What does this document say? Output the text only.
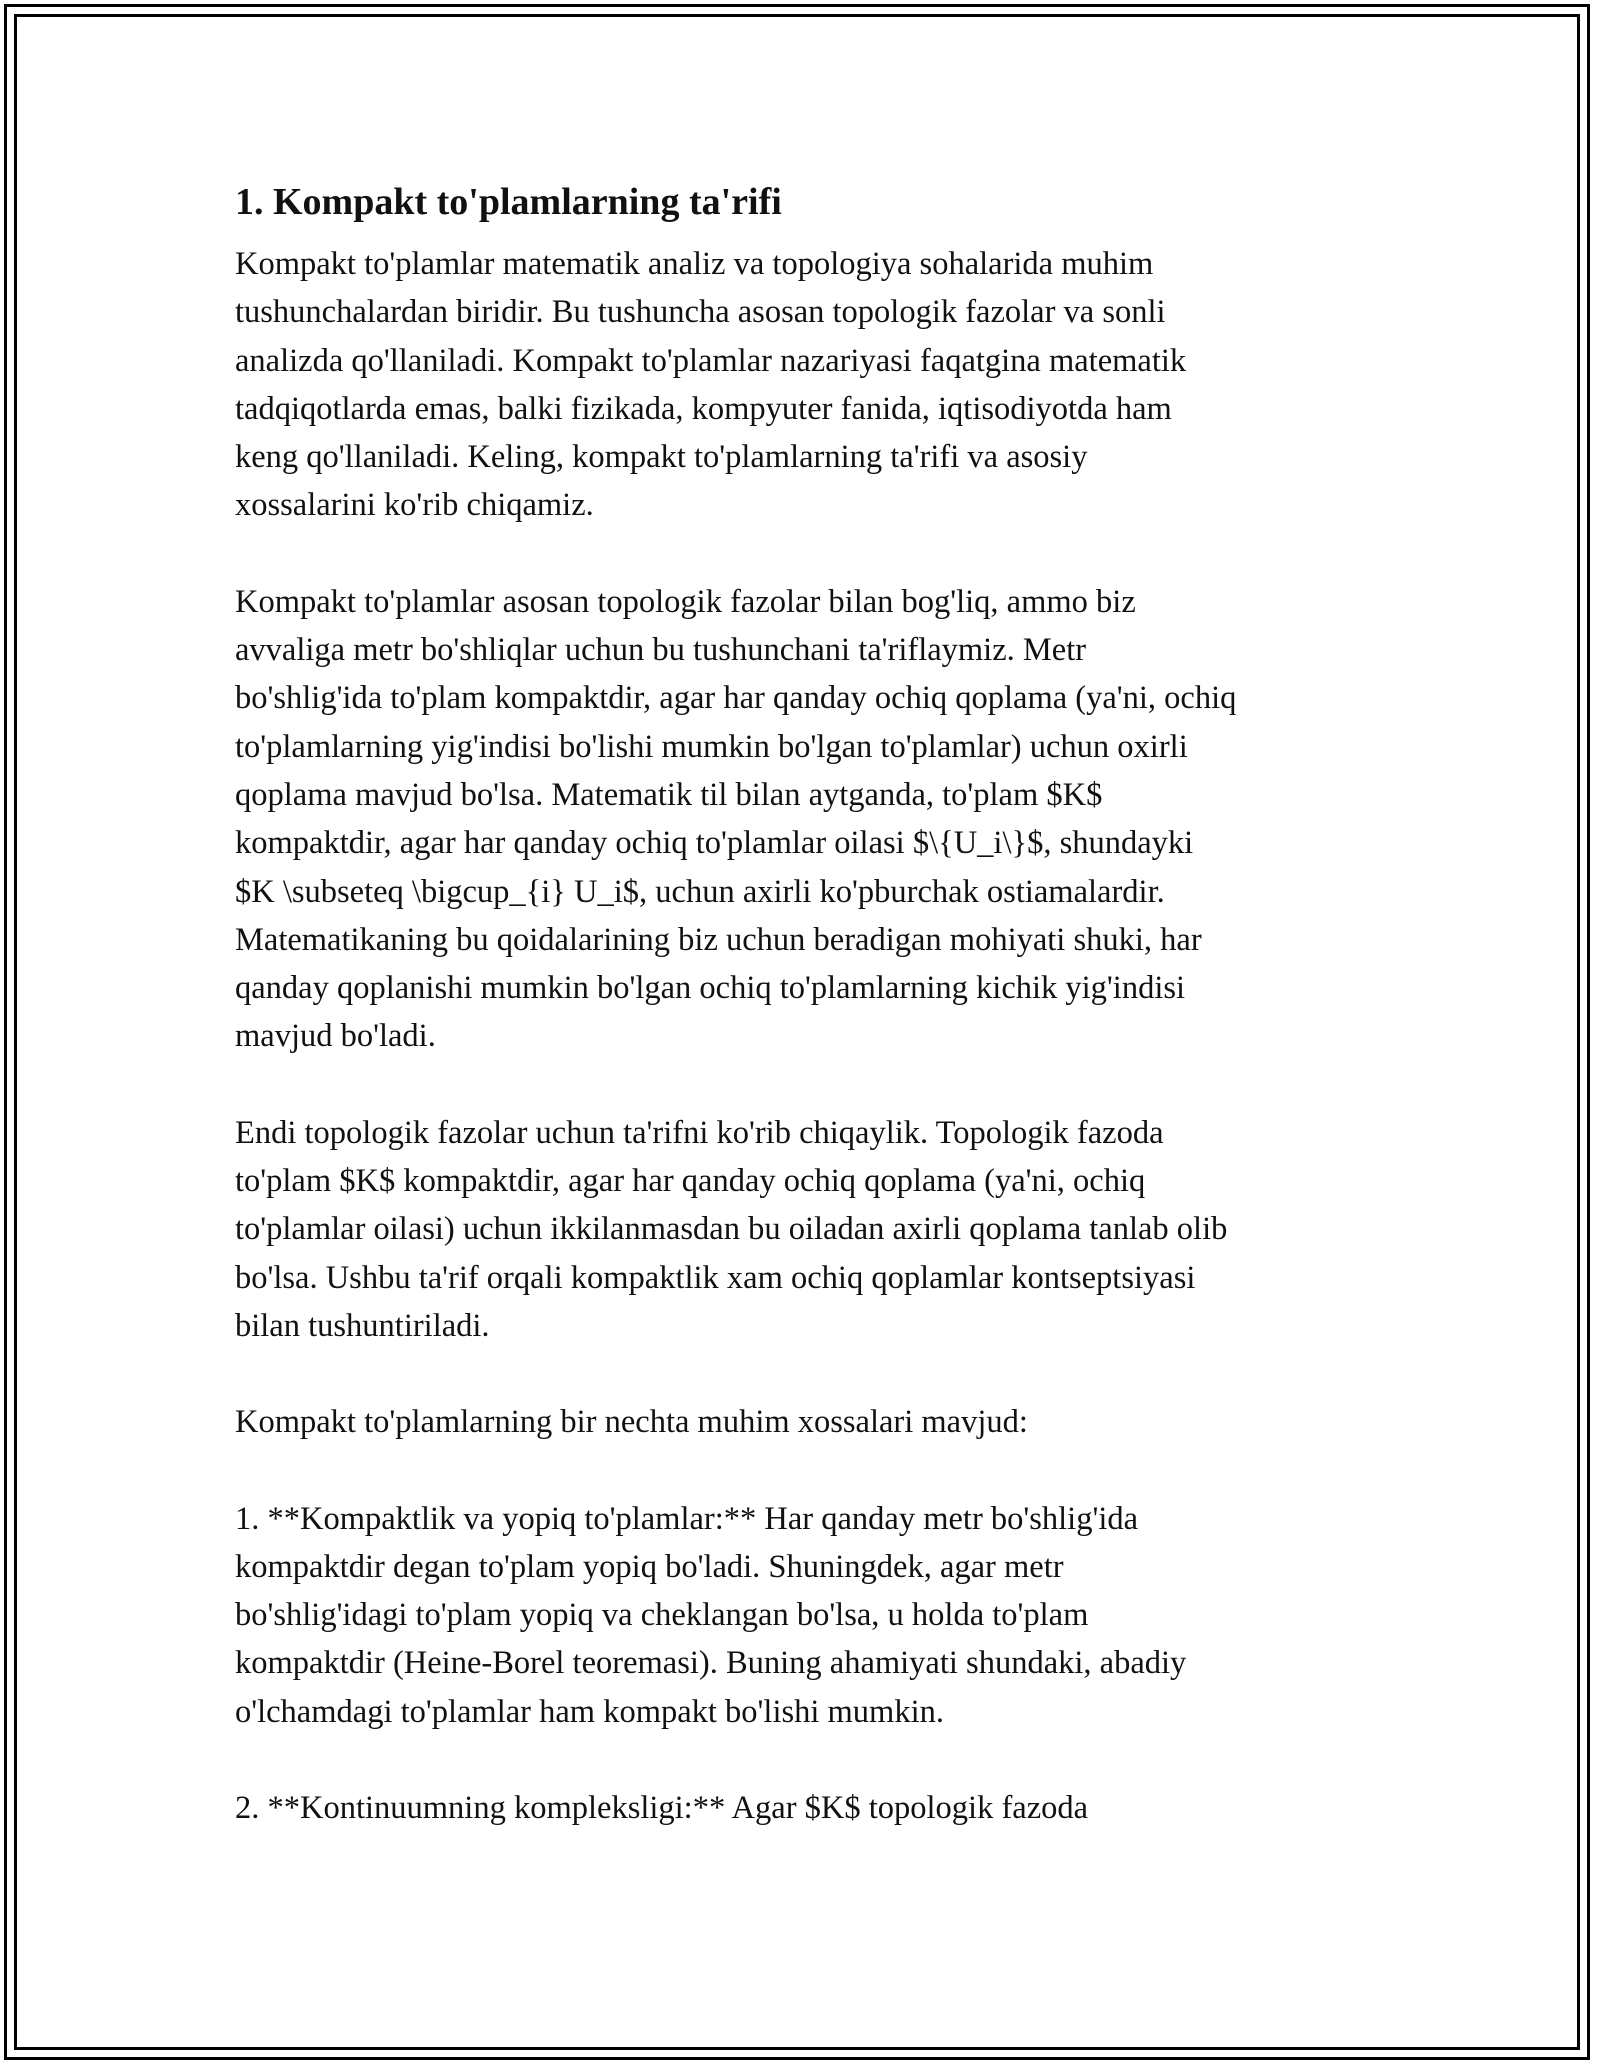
1. Kompakt to'plamlarning ta'rifi

Kompakt to'plamlar matematik analiz va topologiya sohalarida muhim
tushunchalardan biridir. Bu tushuncha asosan topologik fazolar va sonli
analizda qo'llaniladi. Kompakt to'plamlar nazariyasi faqatgina matematik
tadqiqotlarda emas, balki fizikada, kompyuter fanida, iqtisodiyotda ham
keng qo'llaniladi. Keling, kompakt to'plamlarning ta'rifi va asosiy
xossalarini ko'rib chiqamiz.

Kompakt to'plamlar asosan topologik fazolar bilan bog'liq, ammo biz
avvaliga metr bo'shliqlar uchun bu tushunchani ta'riflaymiz. Metr
bo'shlig'ida to'plam kompaktdir, agar har qanday ochiq qoplama (ya'ni, ochiq
to'plamlarning yig'indisi bo'lishi mumkin bo'lgan to'plamlar) uchun oxirli
qoplama mavjud bo'lsa. Matematik til bilan aytganda, to'plam $K$
kompaktdir, agar har qanday ochiq to'plamlar oilasi $\{U_i\}$, shundayki
$K \subseteq \bigcup_{i} U_i$, uchun axirli ko'pburchak ostiamalardir.
Matematikaning bu qoidalarining biz uchun beradigan mohiyati shuki, har
qanday qoplanishi mumkin bo'lgan ochiq to'plamlarning kichik yig'indisi
mavjud bo'ladi.

Endi topologik fazolar uchun ta'rifni ko'rib chiqaylik. Topologik fazoda
to'plam $K$ kompaktdir, agar har qanday ochiq qoplama (ya'ni, ochiq
to'plamlar oilasi) uchun ikkilanmasdan bu oiladan axirli qoplama tanlab olib
bo'lsa. Ushbu ta'rif orqali kompaktlik xam ochiq qoplamlar kontseptsiyasi
bilan tushuntiriladi.

Kompakt to'plamlarning bir nechta muhim xossalari mavjud:

1. **Kompaktlik va yopiq to'plamlar:** Har qanday metr bo'shlig'ida
kompaktdir degan to'plam yopiq bo'ladi. Shuningdek, agar metr
bo'shlig'idagi to'plam yopiq va cheklangan bo'lsa, u holda to'plam
kompaktdir (Heine-Borel teoremasi). Buning ahamiyati shundaki, abadiy
o'lchamdagi to'plamlar ham kompakt bo'lishi mumkin.

2. **Kontinuumning kompleksligi:** Agar $K$ topologik fazoda
